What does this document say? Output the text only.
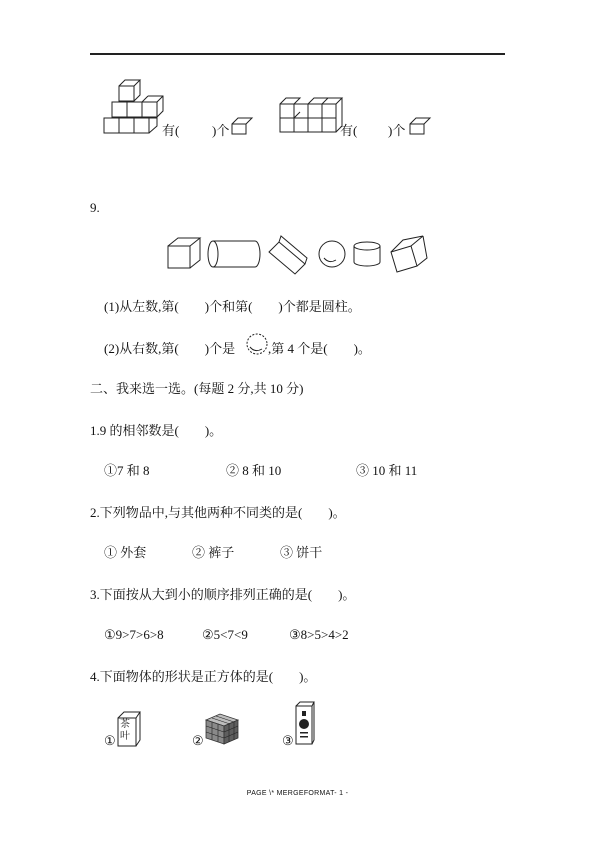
有(	)个	有( )个
9.
(1)从左数,第(        )个和第(        )个都是圆柱。
(2)从右数,第(        )个是	,第 4 个是(        )。
二、我来选一选。(每题 2 分,共 10 分)
1.9 的相邻数是(        )。
①7 和 8	② 8 和 10	③ 10 和 11
2.下列物品中,与其他两种不同类的是(        )。
① 外套	② 裤子	③ 饼干
3.下面按从大到小的顺序排列正确的是(        )。
①9>7>6>8	②5<7<9	③8>5>4>2
4.下面物体的形状是正方体的是(        )。
①
茶
叶	②	③
PAGE \* MERGEFORMAT- 1 -
